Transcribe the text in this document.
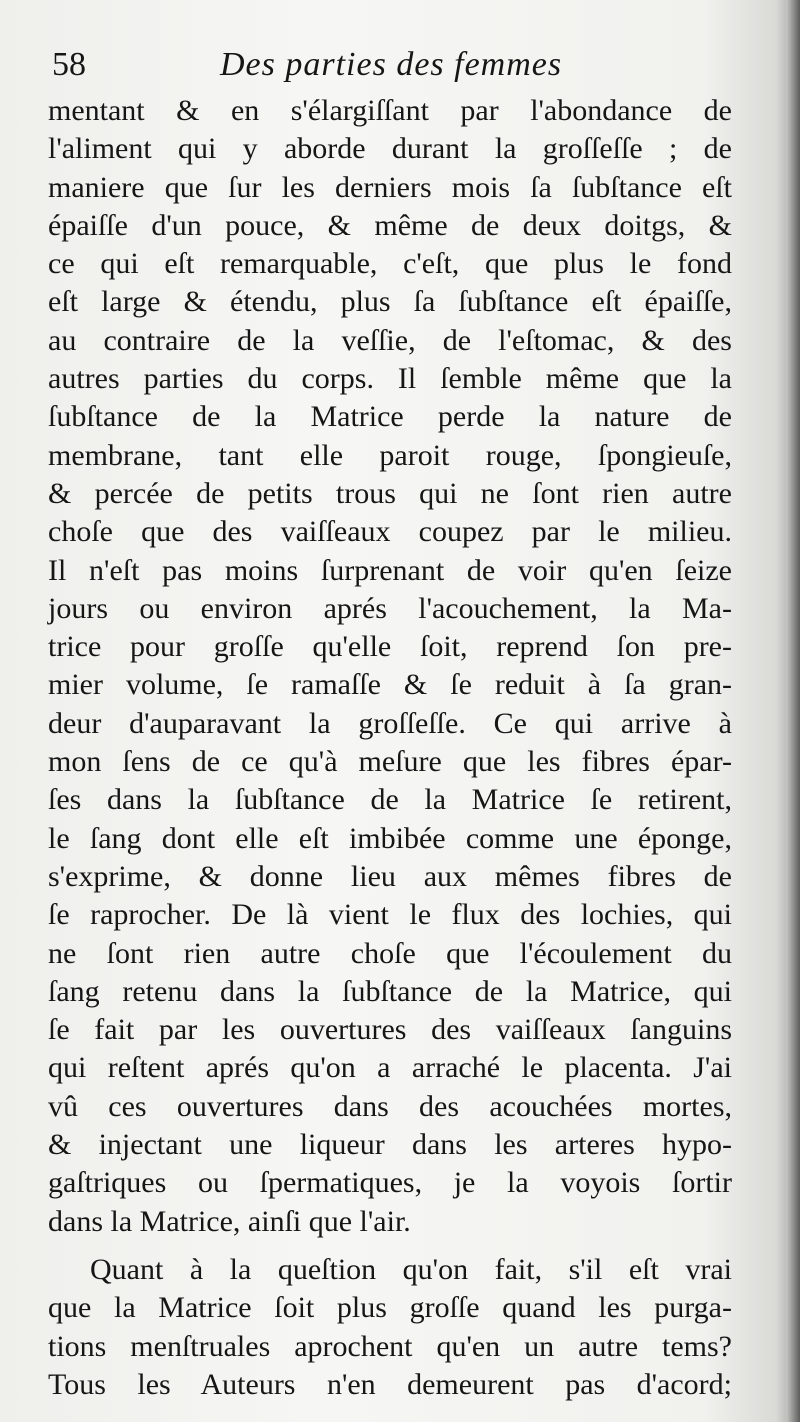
58	Des parties des femmes
mentant & en s'élargiſſant par l'abondance de
l'aliment qui y aborde durant la groſſeſſe ; de
maniere que ſur les derniers mois ſa ſubſtance eſt
épaiſſe d'un pouce, & même de deux doitgs, &
ce qui eſt remarquable, c'eſt, que plus le fond
eſt large & étendu, plus ſa ſubſtance eſt épaiſſe,
au contraire de la veſſie, de l'eſtomac, & des
autres parties du corps. Il ſemble même que la
ſubſtance de la Matrice perde la nature de
membrane, tant elle paroit rouge, ſpongieuſe,
& percée de petits trous qui ne ſont rien autre
choſe que des vaiſſeaux coupez par le milieu.
Il n'eſt pas moins ſurprenant de voir qu'en ſeize
jours ou environ aprés l'acouchement, la Ma-
trice pour groſſe qu'elle ſoit, reprend ſon pre-
mier volume, ſe ramaſſe & ſe reduit à ſa gran-
deur d'auparavant la groſſeſſe. Ce qui arrive à
mon ſens de ce qu'à meſure que les fibres épar-
ſes dans la ſubſtance de la Matrice ſe retirent,
le ſang dont elle eſt imbibée comme une éponge,
s'exprime, & donne lieu aux mêmes fibres de
ſe raprocher. De là vient le flux des lochies, qui
ne ſont rien autre choſe que l'écoulement du
ſang retenu dans la ſubſtance de la Matrice, qui
ſe fait par les ouvertures des vaiſſeaux ſanguins
qui reſtent aprés qu'on a arraché le placenta. J'ai
vû ces ouvertures dans des acouchées mortes,
& injectant une liqueur dans les arteres hypo-
gaſtriques ou ſpermatiques, je la voyois ſortir
dans la Matrice, ainſi que l'air.
Quant à la queſtion qu'on fait, s'il eſt vrai
que la Matrice ſoit plus groſſe quand les purga-
tions menſtruales aprochent qu'en un autre tems?
Tous les Auteurs n'en demeurent pas d'acord;
